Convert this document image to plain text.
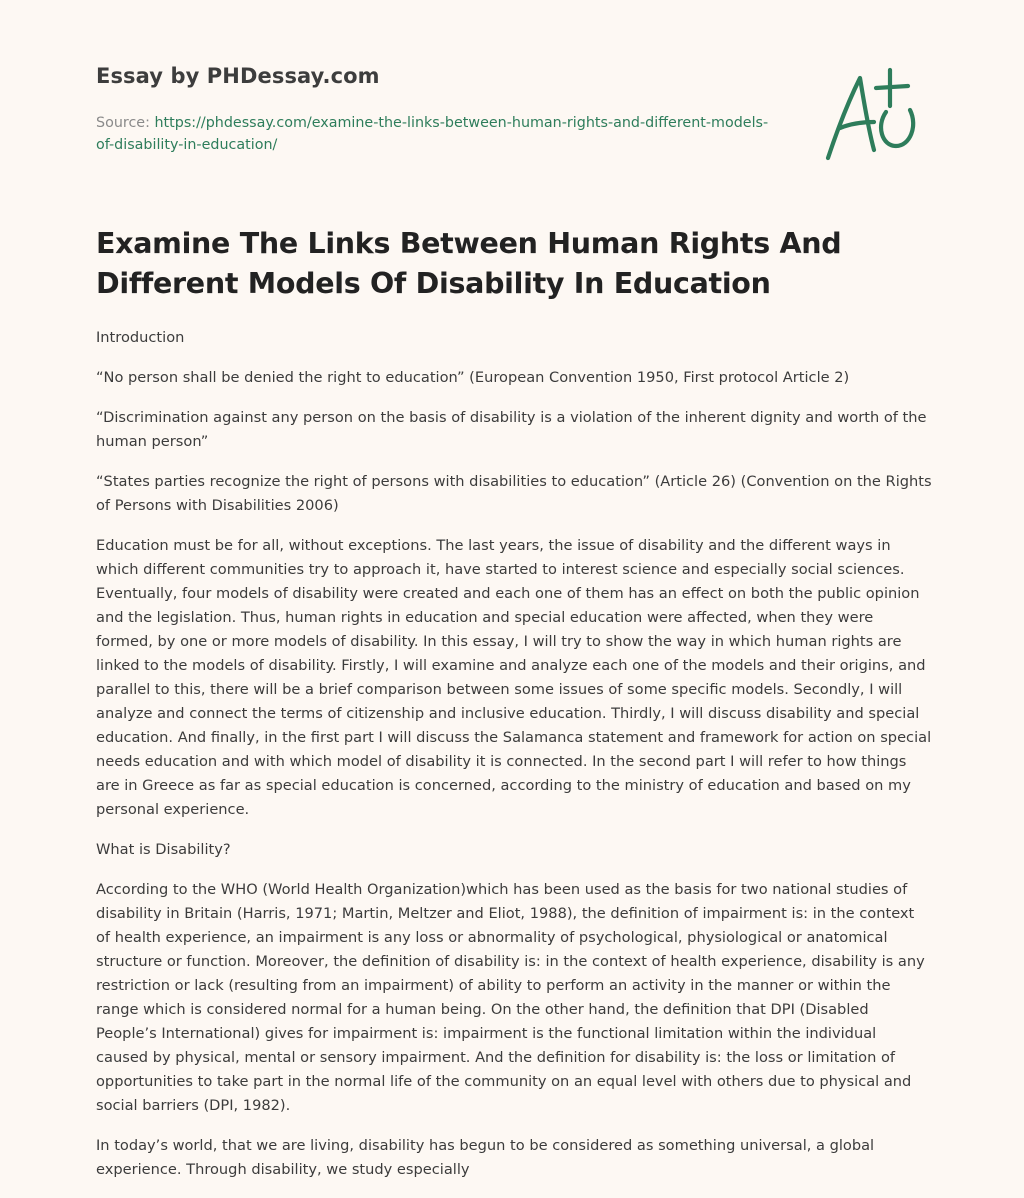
Essay by PHDessay.com
Source: https://phdessay.com/examine-the-links-between-human-rights-and-different-models-of-disability-in-education/
Examine The Links Between Human Rights And Different Models Of Disability In Education

Introduction

“No person shall be denied the right to education” (European Convention 1950, First protocol Article 2)

“Discrimination against any person on the basis of disability is a violation of the inherent dignity and worth of the human person”

“States parties recognize the right of persons with disabilities to education” (Article 26) (Convention on the Rights of Persons with Disabilities 2006)

Education must be for all, without exceptions. The last years, the issue of disability and the different ways in which different communities try to approach it, have started to interest science and especially social sciences. Eventually, four models of disability were created and each one of them has an effect on both the public opinion and the legislation. Thus, human rights in education and special education were affected, when they were formed, by one or more models of disability. In this essay, I will try to show the way in which human rights are linked to the models of disability. Firstly, I will examine and analyze each one of the models and their origins, and parallel to this, there will be a brief comparison between some issues of some specific models. Secondly, I will analyze and connect the terms of citizenship and inclusive education. Thirdly, I will discuss disability and special education. And finally, in the first part I will discuss the Salamanca statement and framework for action on special needs education and with which model of disability it is connected. In the second part I will refer to how things are in Greece as far as special education is concerned, according to the ministry of education and based on my personal experience.

What is Disability?

According to the WHO (World Health Organization)which has been used as the basis for two national studies of disability in Britain (Harris, 1971; Martin, Meltzer and Eliot, 1988), the definition of impairment is: in the context of health experience, an impairment is any loss or abnormality of psychological, physiological or anatomical structure or function. Moreover, the definition of disability is: in the context of health experience, disability is any restriction or lack (resulting from an impairment) of ability to perform an activity in the manner or within the range which is considered normal for a human being. On the other hand, the definition that DPI (Disabled People’s International) gives for impairment is: impairment is the functional limitation within the individual caused by physical, mental or sensory impairment. And the definition for disability is: the loss or limitation of opportunities to take part in the normal life of the community on an equal level with others due to physical and social barriers (DPI, 1982).

In today’s world, that we are living, disability has begun to be considered as something universal, a global experience. Through disability, we study especially
